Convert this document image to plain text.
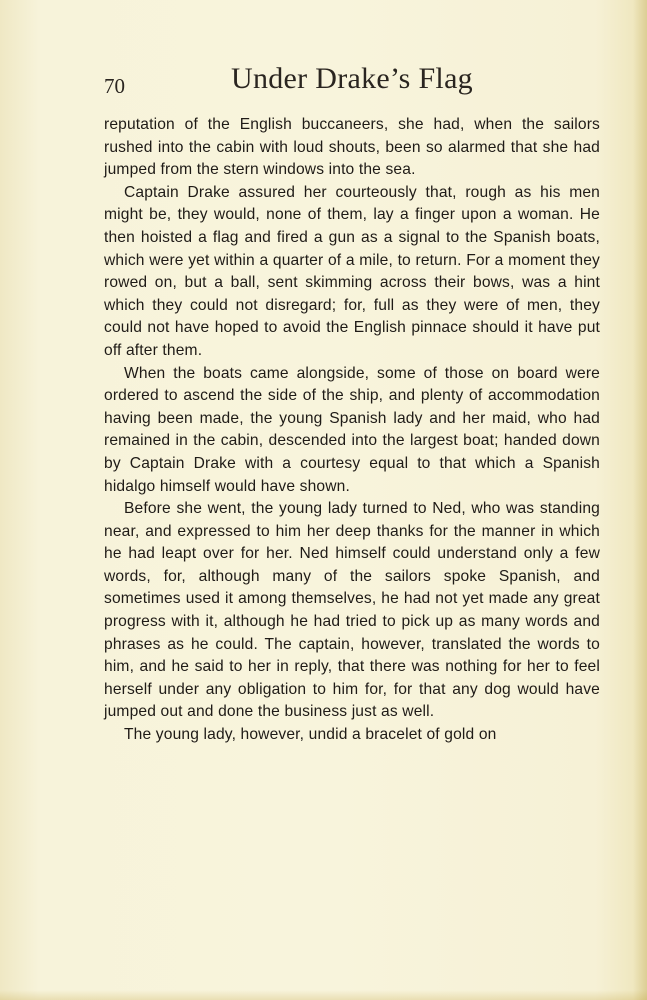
70	Under Drake’s Flag

reputation of the English buccaneers, she had, when the sailors rushed into the cabin with loud shouts, been so alarmed that she had jumped from the stern windows into the sea.

Captain Drake assured her courteously that, rough as his men might be, they would, none of them, lay a finger upon a woman. He then hoisted a flag and fired a gun as a signal to the Spanish boats, which were yet within a quarter of a mile, to return. For a moment they rowed on, but a ball, sent skimming across their bows, was a hint which they could not disregard; for, full as they were of men, they could not have hoped to avoid the English pinnace should it have put off after them.

When the boats came alongside, some of those on board were ordered to ascend the side of the ship, and plenty of accommodation having been made, the young Spanish lady and her maid, who had remained in the cabin, descended into the largest boat; handed down by Captain Drake with a courtesy equal to that which a Spanish hidalgo himself would have shown.

Before she went, the young lady turned to Ned, who was standing near, and expressed to him her deep thanks for the manner in which he had leapt over for her. Ned himself could understand only a few words, for, although many of the sailors spoke Spanish, and sometimes used it among themselves, he had not yet made any great progress with it, although he had tried to pick up as many words and phrases as he could. The captain, however, translated the words to him, and he said to her in reply, that there was nothing for her to feel herself under any obligation to him for, for that any dog would have jumped out and done the business just as well.

The young lady, however, undid a bracelet of gold on
